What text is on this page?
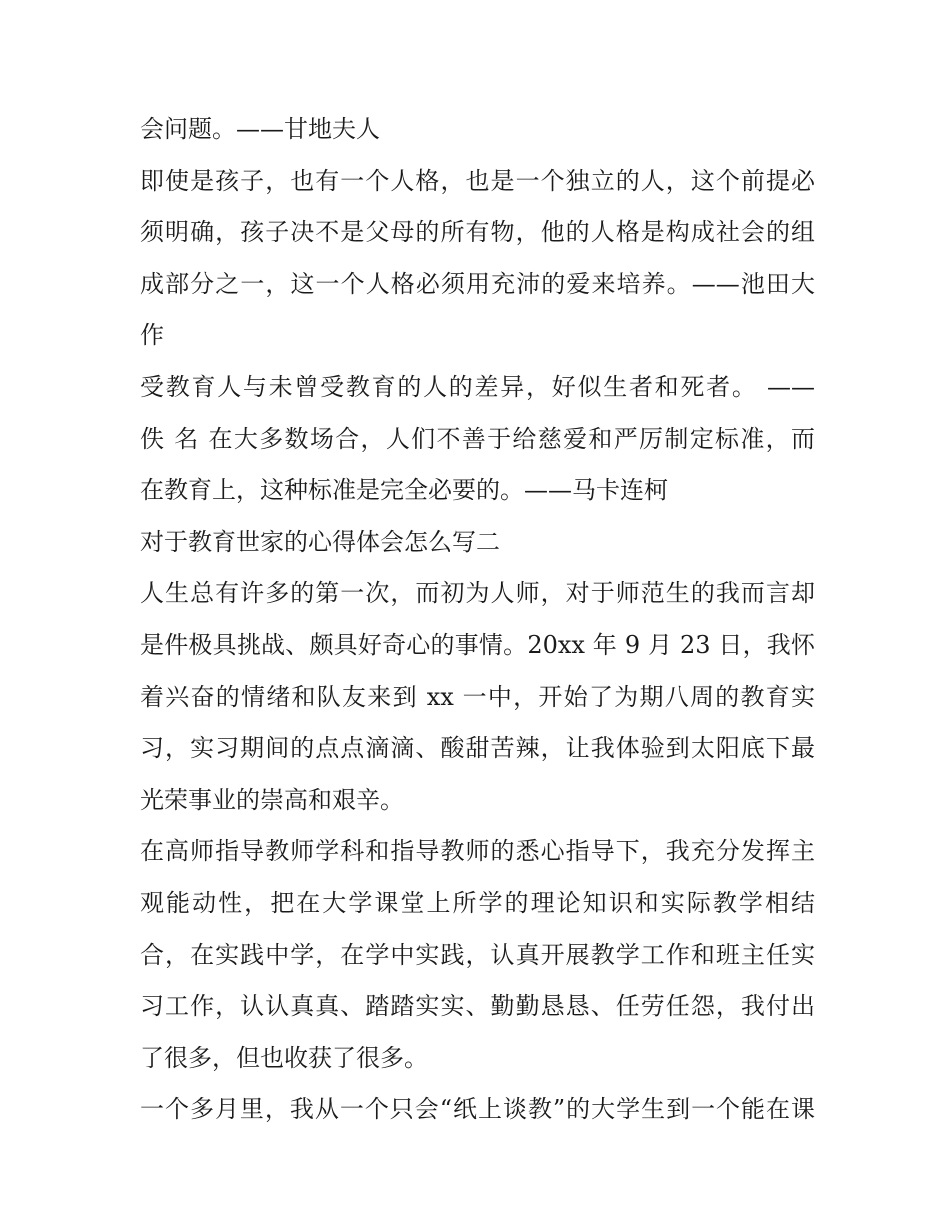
会问题。——甘地夫人
即使是孩子，也有一个人格，也是一个独立的人，这个前提必
须明确，孩子决不是父母的所有物，他的人格是构成社会的组
成部分之一，这一个人格必须用充沛的爱来培养。——池田大
作
受教育人与未曾受教育的人的差异，好似生者和死者。 ——
佚 名 在大多数场合，人们不善于给慈爱和严厉制定标准，而
在教育上，这种标准是完全必要的。——马卡连柯
对于教育世家的心得体会怎么写二
人生总有许多的第一次，而初为人师，对于师范生的我而言却
是件极具挑战、颇具好奇心的事情。20xx 年 9 月 23 日，我怀
着兴奋的情绪和队友来到 xx 一中，开始了为期八周的教育实
习，实习期间的点点滴滴、酸甜苦辣，让我体验到太阳底下最
光荣事业的崇高和艰辛。
在高师指导教师学科和指导教师的悉心指导下，我充分发挥主
观能动性，把在大学课堂上所学的理论知识和实际教学相结
合，在实践中学，在学中实践，认真开展教学工作和班主任实
习工作，认认真真、踏踏实实、勤勤恳恳、任劳任怨，我付出
了很多，但也收获了很多。
一个多月里，我从一个只会“纸上谈教”的大学生到一个能在课
